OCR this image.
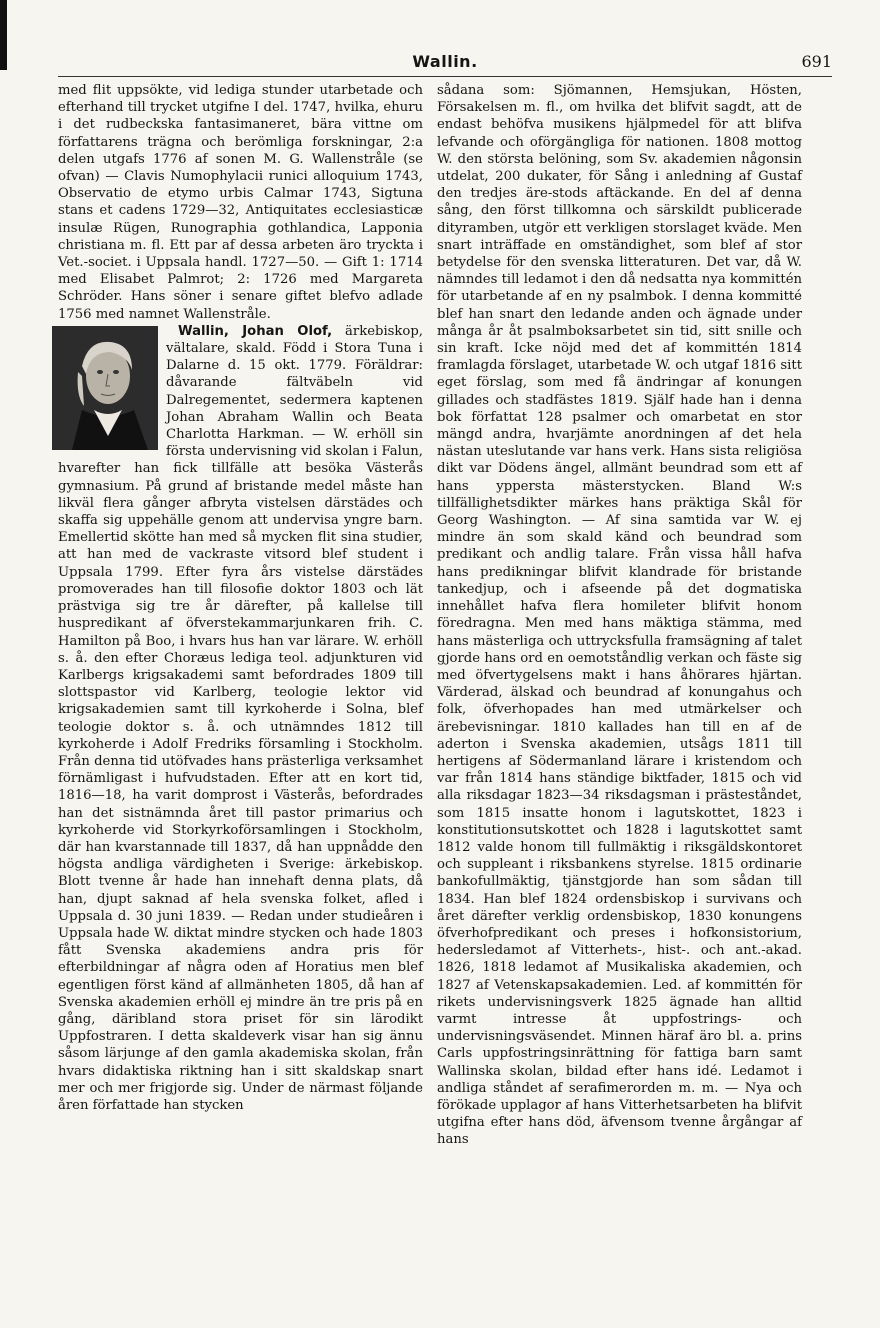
Wallin.	691

med flit uppsökte, vid lediga stunder utarbetade och efterhand till trycket utgifne I del. 1747, hvilka, ehuru i det rudbeckska fantasimaneret, bära vittne om författarens trägna och berömliga forskningar, 2:a delen utgafs 1776 af sonen M. G. Wallenstråle (se ofvan) — Clavis Numophylacii runici alloquium 1743, Observatio de etymo urbis Calmar 1743, Sigtuna stans et cadens 1729—32, Antiquitates ecclesiasticæ insulæ Rügen, Runographia gothlandica, Lapponia christiana m. fl. Ett par af dessa arbeten äro tryckta i Vet.-societ. i Uppsala handl. 1727—50. — Gift 1: 1714 med Elisabet Palmrot; 2: 1726 med Margareta Schröder. Hans söner i senare giftet blefvo adlade 1756 med namnet Wallenstråle.

Wallin, Johan Olof, ärkebiskop, vältalare, skald. Född i Stora Tuna i Dalarne d. 15 okt. 1779. Föräldrar: dåvarande fältväbeln vid Dalregementet, sedermera kaptenen Johan Abraham Wallin och Beata Charlotta Harkman. — W. erhöll sin första undervisning vid skolan i Falun, hvarefter han fick tillfälle att besöka Västerås gymnasium. På grund af bristande medel måste han likväl flera gånger afbryta vistelsen därstädes och skaffa sig uppehälle genom att undervisa yngre barn. Emellertid skötte han med så mycken flit sina studier, att han med de vackraste vitsord blef student i Uppsala 1799. Efter fyra års vistelse därstädes promoverades han till filosofie doktor 1803 och lät prästviga sig tre år därefter, på kallelse till huspredikant af öfverstekammarjunkaren frih. C. Hamilton på Boo, i hvars hus han var lärare. W. erhöll s. å. den efter Choræus lediga teol. adjunkturen vid Karlbergs krigsakademi samt befordrades 1809 till slottspastor vid Karlberg, teologie lektor vid krigsakademien samt till kyrkoherde i Solna, blef teologie doktor s. å. och utnämndes 1812 till kyrkoherde i Adolf Fredriks församling i Stockholm. Från denna tid utöfvades hans prästerliga verksamhet förnämligast i hufvudstaden. Efter att en kort tid, 1816—18, ha varit domprost i Västerås, befordrades han det sistnämnda året till pastor primarius och kyrkoherde vid Storkyrkoförsamlingen i Stockholm, där han kvarstannade till 1837, då han uppnådde den högsta andliga värdigheten i Sverige: ärkebiskop. Blott tvenne år hade han innehaft denna plats, då han, djupt saknad af hela svenska folket, afled i Uppsala d. 30 juni 1839. — Redan under studieåren i Uppsala hade W. diktat mindre stycken och hade 1803 fått Svenska akademiens andra pris för efterbildningar af några oden af Horatius men blef egentligen först känd af allmänheten 1805, då han af Svenska akademien erhöll ej mindre än tre pris på en gång, däribland stora priset för sin lärodikt Uppfostraren. I detta skaldeverk visar han sig ännu såsom lärjunge af den gamla akademiska skolan, från hvars didaktiska riktning han i sitt skaldskap snart mer och mer frigjorde sig. Under de närmast följande åren författade han stycken

sådana som: Sjömannen, Hemsjukan, Hösten, Försakelsen m. fl., om hvilka det blifvit sagdt, att de endast behöfva musikens hjälpmedel för att blifva lefvande och oförgängliga för nationen. 1808 mottog W. den största belöning, som Sv. akademien någonsin utdelat, 200 dukater, för Sång i anledning af Gustaf den tredjes äre-stods aftäckande. En del af denna sång, den först tillkomna och särskildt publicerade dityramben, utgör ett verkligen storslaget kväde. Men snart inträffade en omständighet, som blef af stor betydelse för den svenska litteraturen. Det var, då W. nämndes till ledamot i den då nedsatta nya kommittén för utarbetande af en ny psalmbok. I denna kommitté blef han snart den ledande anden och ägnade under många år åt psalmboksarbetet sin tid, sitt snille och sin kraft. Icke nöjd med det af kommittén 1814 framlagda förslaget, utarbetade W. och utgaf 1816 sitt eget förslag, som med få ändringar af konungen gillades och stadfästes 1819. Själf hade han i denna bok författat 128 psalmer och omarbetat en stor mängd andra, hvarjämte anordningen af det hela nästan uteslutande var hans verk. Hans sista religiösa dikt var Dödens ängel, allmänt beundrad som ett af hans yppersta mästerstycken. Bland W:s tillfällighetsdikter märkes hans präktiga Skål för Georg Washington. — Af sina samtida var W. ej mindre än som skald känd och beundrad som predikant och andlig talare. Från vissa håll hafva hans predikningar blifvit klandrade för bristande tankedjup, och i afseende på det dogmatiska innehållet hafva flera homileter blifvit honom föredragna. Men med hans mäktiga stämma, med hans mästerliga och uttrycksfulla framsägning af talet gjorde hans ord en oemotståndlig verkan och fäste sig med öfvertygelsens makt i hans åhörares hjärtan. Värderad, älskad och beundrad af konungahus och folk, öfverhopades han med utmärkelser och ärebevisningar. 1810 kallades han till en af de aderton i Svenska akademien, utsågs 1811 till hertigens af Södermanland lärare i kristendom och var från 1814 hans ständige biktfader, 1815 och vid alla riksdagar 1823—34 riksdagsman i prästeståndet, som 1815 insatte honom i lagutskottet, 1823 i konstitutionsutskottet och 1828 i lagutskottet samt 1812 valde honom till fullmäktig i riksgäldskontoret och suppleant i riksbankens styrelse. 1815 ordinarie bankofullmäktig, tjänstgjorde han som sådan till 1834. Han blef 1824 ordensbiskop i survivans och året därefter verklig ordensbiskop, 1830 konungens öfverhofpredikant och preses i hofkonsistorium, hedersledamot af Vitterhets-, hist-. och ant.-akad. 1826, 1818 ledamot af Musikaliska akademien, och 1827 af Vetenskapsakademien. Led. af kommittén för rikets undervisningsverk 1825 ägnade han alltid varmt intresse åt uppfostrings- och undervisningsväsendet. Minnen häraf äro bl. a. prins Carls uppfostringsinrättning för fattiga barn samt Wallinska skolan, bildad efter hans idé. Ledamot i andliga ståndet af serafimerorden m. m. — Nya och förökade upplagor af hans Vitterhetsarbeten ha blifvit utgifna efter hans död, äfvensom tvenne årgångar af hans
